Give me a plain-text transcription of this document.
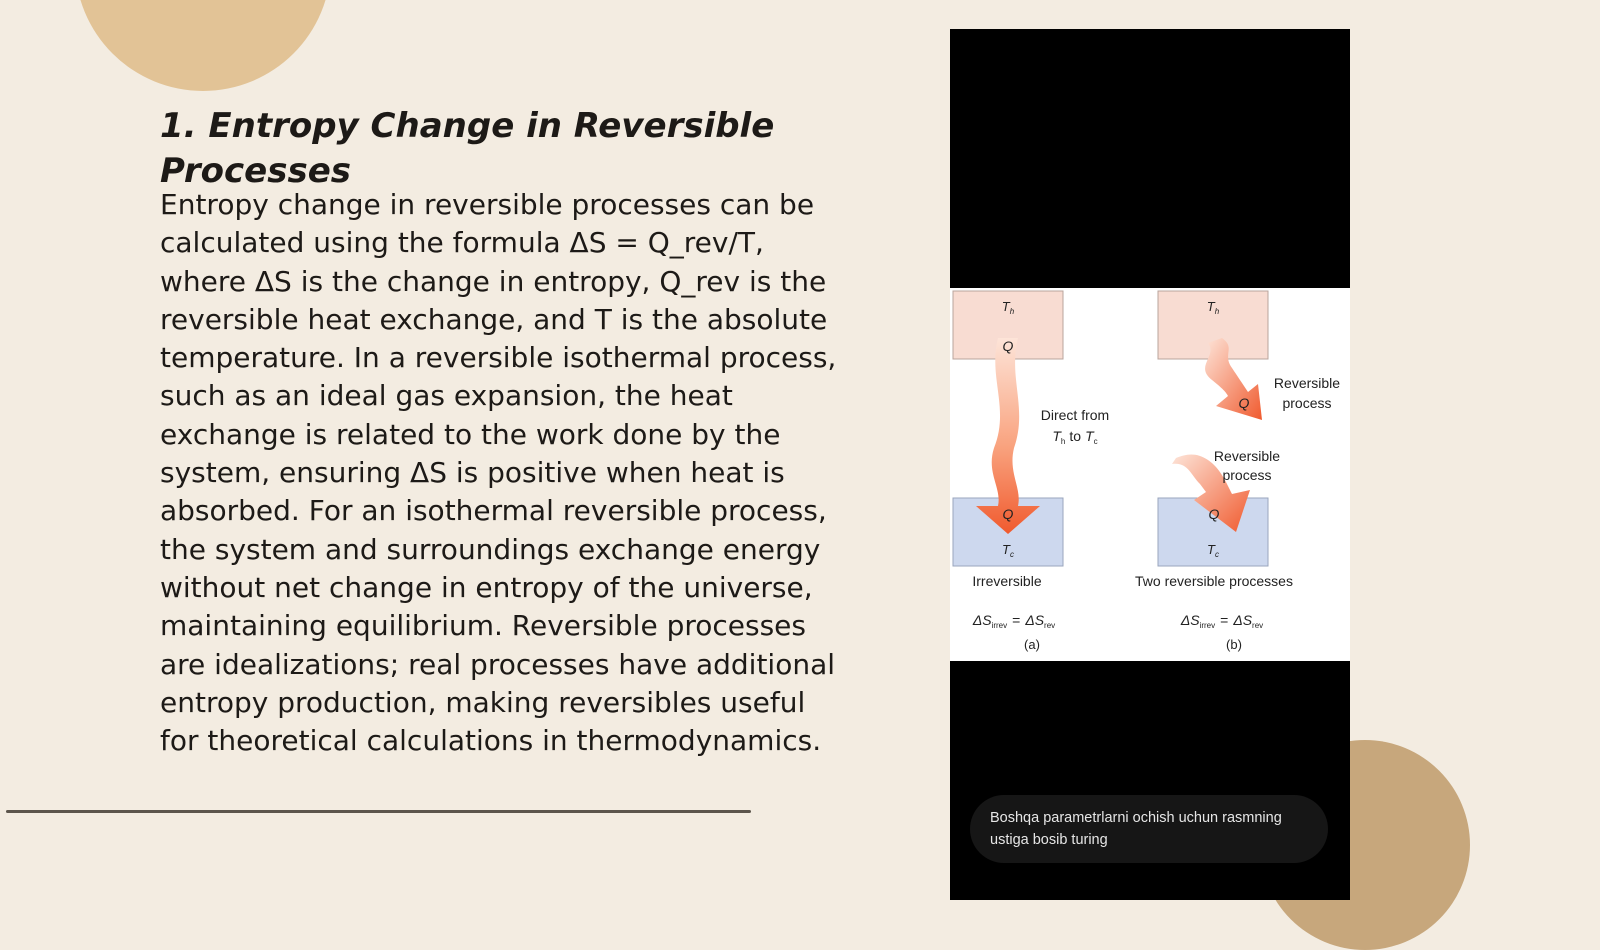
1. Entropy Change in Reversible Processes

Entropy change in reversible processes can be calculated using the formula ΔS = Q_rev/T, where ΔS is the change in entropy, Q_rev is the reversible heat exchange, and T is the absolute temperature. In a reversible isothermal process, such as an ideal gas expansion, the heat exchange is related to the work done by the system, ensuring ΔS is positive when heat is absorbed. For an isothermal reversible process, the system and surroundings exchange energy without net change in entropy of the universe, maintaining equilibrium. Reversible processes are idealizations; real processes have additional entropy production, making reversibles useful for theoretical calculations in thermodynamics.

$T_h$
Q
Q
$T_c$
Direct from
$T_h$ to $T_c$
Irreversible
$\Delta S_{irrev} = \Delta S_{rev}$
(a)
$T_h$
Q
Reversible
process
Reversible
process
Q
$T_c$
Two reversible processes
$\Delta S_{irrev} = \Delta S_{rev}$
(b)
Boshqa parametrlarni ochish uchun rasmning ustiga bosib turing
